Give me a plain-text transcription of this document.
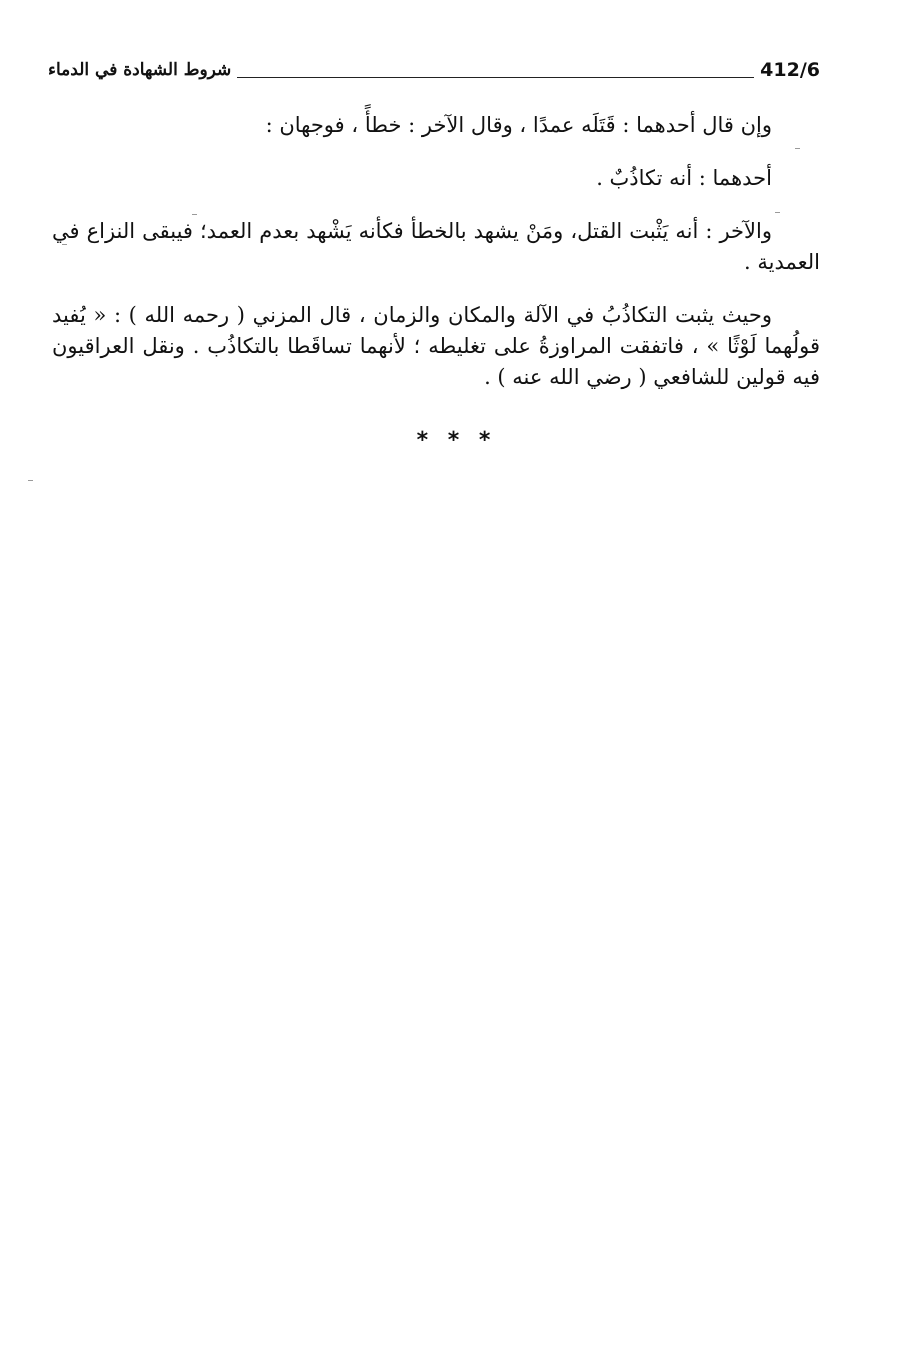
412/6
شروط الشهادة في الدماء

وإن قال أحدهما : قَتَلَه عمدًا ، وقال الآخر : خطأً ، فوجهان :

أحدهما : أنه تكاذُبٌ .

والآخر : أنه يَثْبت القتل، ومَنْ يشهد بالخطأ فكأنه يَشْهد بعدم العمد؛ فيبقى النزاع في العمدية .

وحيث يثبت التكاذُبُ في الآلة والمكان والزمان ، قال المزني ( رحمه الله ) : « يُفيد قولُهما لَوْثًا » ، فاتفقت المراوزةُ على تغليطه ؛ لأنهما تساقَطا بالتكاذُب . ونقل العراقيون فيه قولين للشافعي ( رضي الله عنه ) .

* * *
